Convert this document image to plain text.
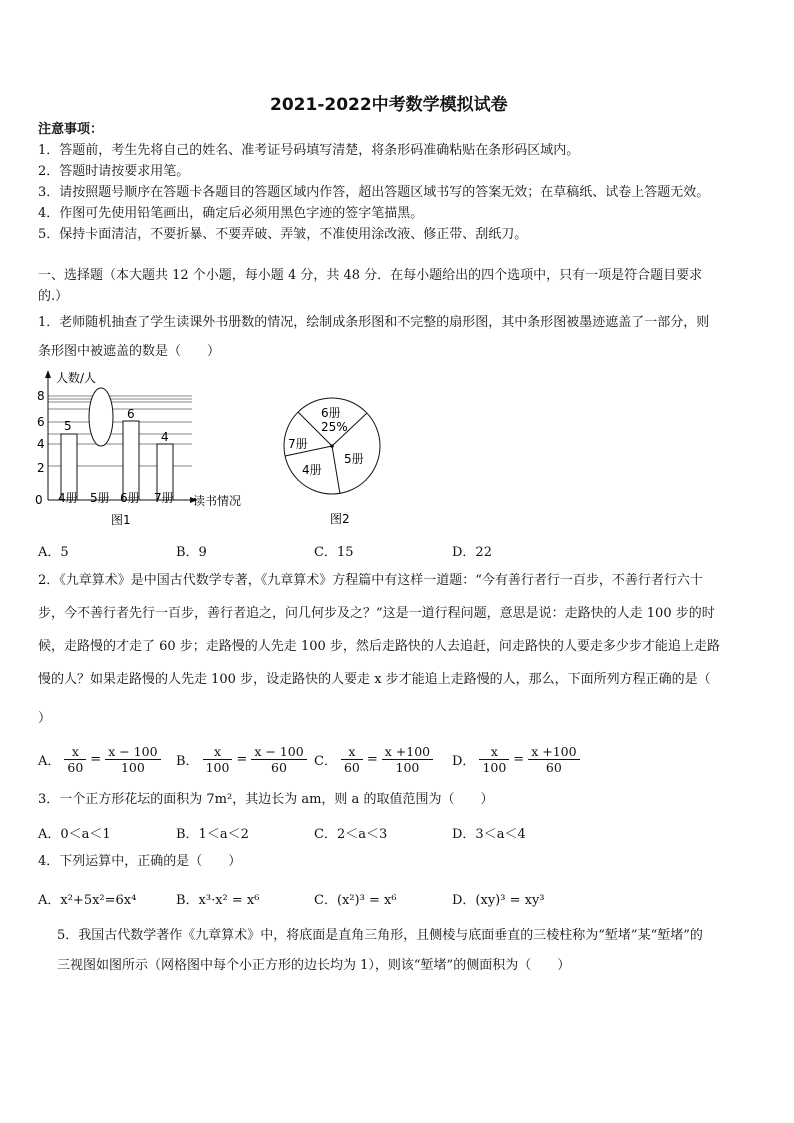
2021-2022中考数学模拟试卷
注意事项：
1．答题前，考生先将自己的姓名、准考证号码填写清楚，将条形码准确粘贴在条形码区域内。
2．答题时请按要求用笔。
3．请按照题号顺序在答题卡各题目的答题区域内作答，超出答题区域书写的答案无效；在草稿纸、试卷上答题无效。
4．作图可先使用铅笔画出，确定后必须用黑色字迹的签字笔描黑。
5．保持卡面清洁，不要折暴、不要弄破、弄皱，不准使用涂改液、修正带、刮纸刀。
一、选择题（本大题共 12 个小题，每小题 4 分，共 48 分．在每小题给出的四个选项中，只有一项是符合题目要求
的.）
1．老师随机抽查了学生读课外书册数的情况，绘制成条形图和不完整的扇形图，其中条形图被墨迹遮盖了一部分，则
条形图中被遮盖的数是（　　）
0
2
4
6
8
5
6
4
4册 5册 6册 7册
人数/人
读书情况
图1
6册
25%
7册
4册
5册
图2
A．5	B．9	C．15	D．22
2．《九章算术》是中国古代数学专著，《九章算术》方程篇中有这样一道题：“今有善行者行一百步，不善行者行六十
步，今不善行者先行一百步，善行者追之，问几何步及之？”这是一道行程问题，意思是说：走路快的人走 100 步的时
候，走路慢的才走了 60 步；走路慢的人先走 100 步，然后走路快的人去追赶，问走路快的人要走多少步才能追上走路
慢的人？如果走路慢的人先走 100 步，设走路快的人要走 x 步才能追上走路慢的人，那么，下面所列方程正确的是（
）
A． $\frac{x}{60} = \frac{x - 100}{100}$ B． $\frac{x}{100} = \frac{x - 100}{60}$ C． $\frac{x}{60} = \frac{x +100}{100}$ D． $\frac{x}{100} = \frac{x +100}{60}$
3．一个正方形花坛的面积为 7m²，其边长为 am，则 a 的取值范围为（　　）
A．0＜a＜1	B．1＜a＜2	C．2＜a＜3	D．3＜a＜4
4．下列运算中，正确的是（　　）
A．x²+5x²=6x⁴	B．x³·x² = x⁶	C．(x²)³ = x⁶	D．(xy)³ = xy³
5．我国古代数学著作《九章算术》中，将底面是直角三角形，且侧棱与底面垂直的三棱柱称为“堑堵”某“堑堵”的
三视图如图所示（网格图中每个小正方形的边长均为 1），则该“堑堵”的侧面积为（　　）
